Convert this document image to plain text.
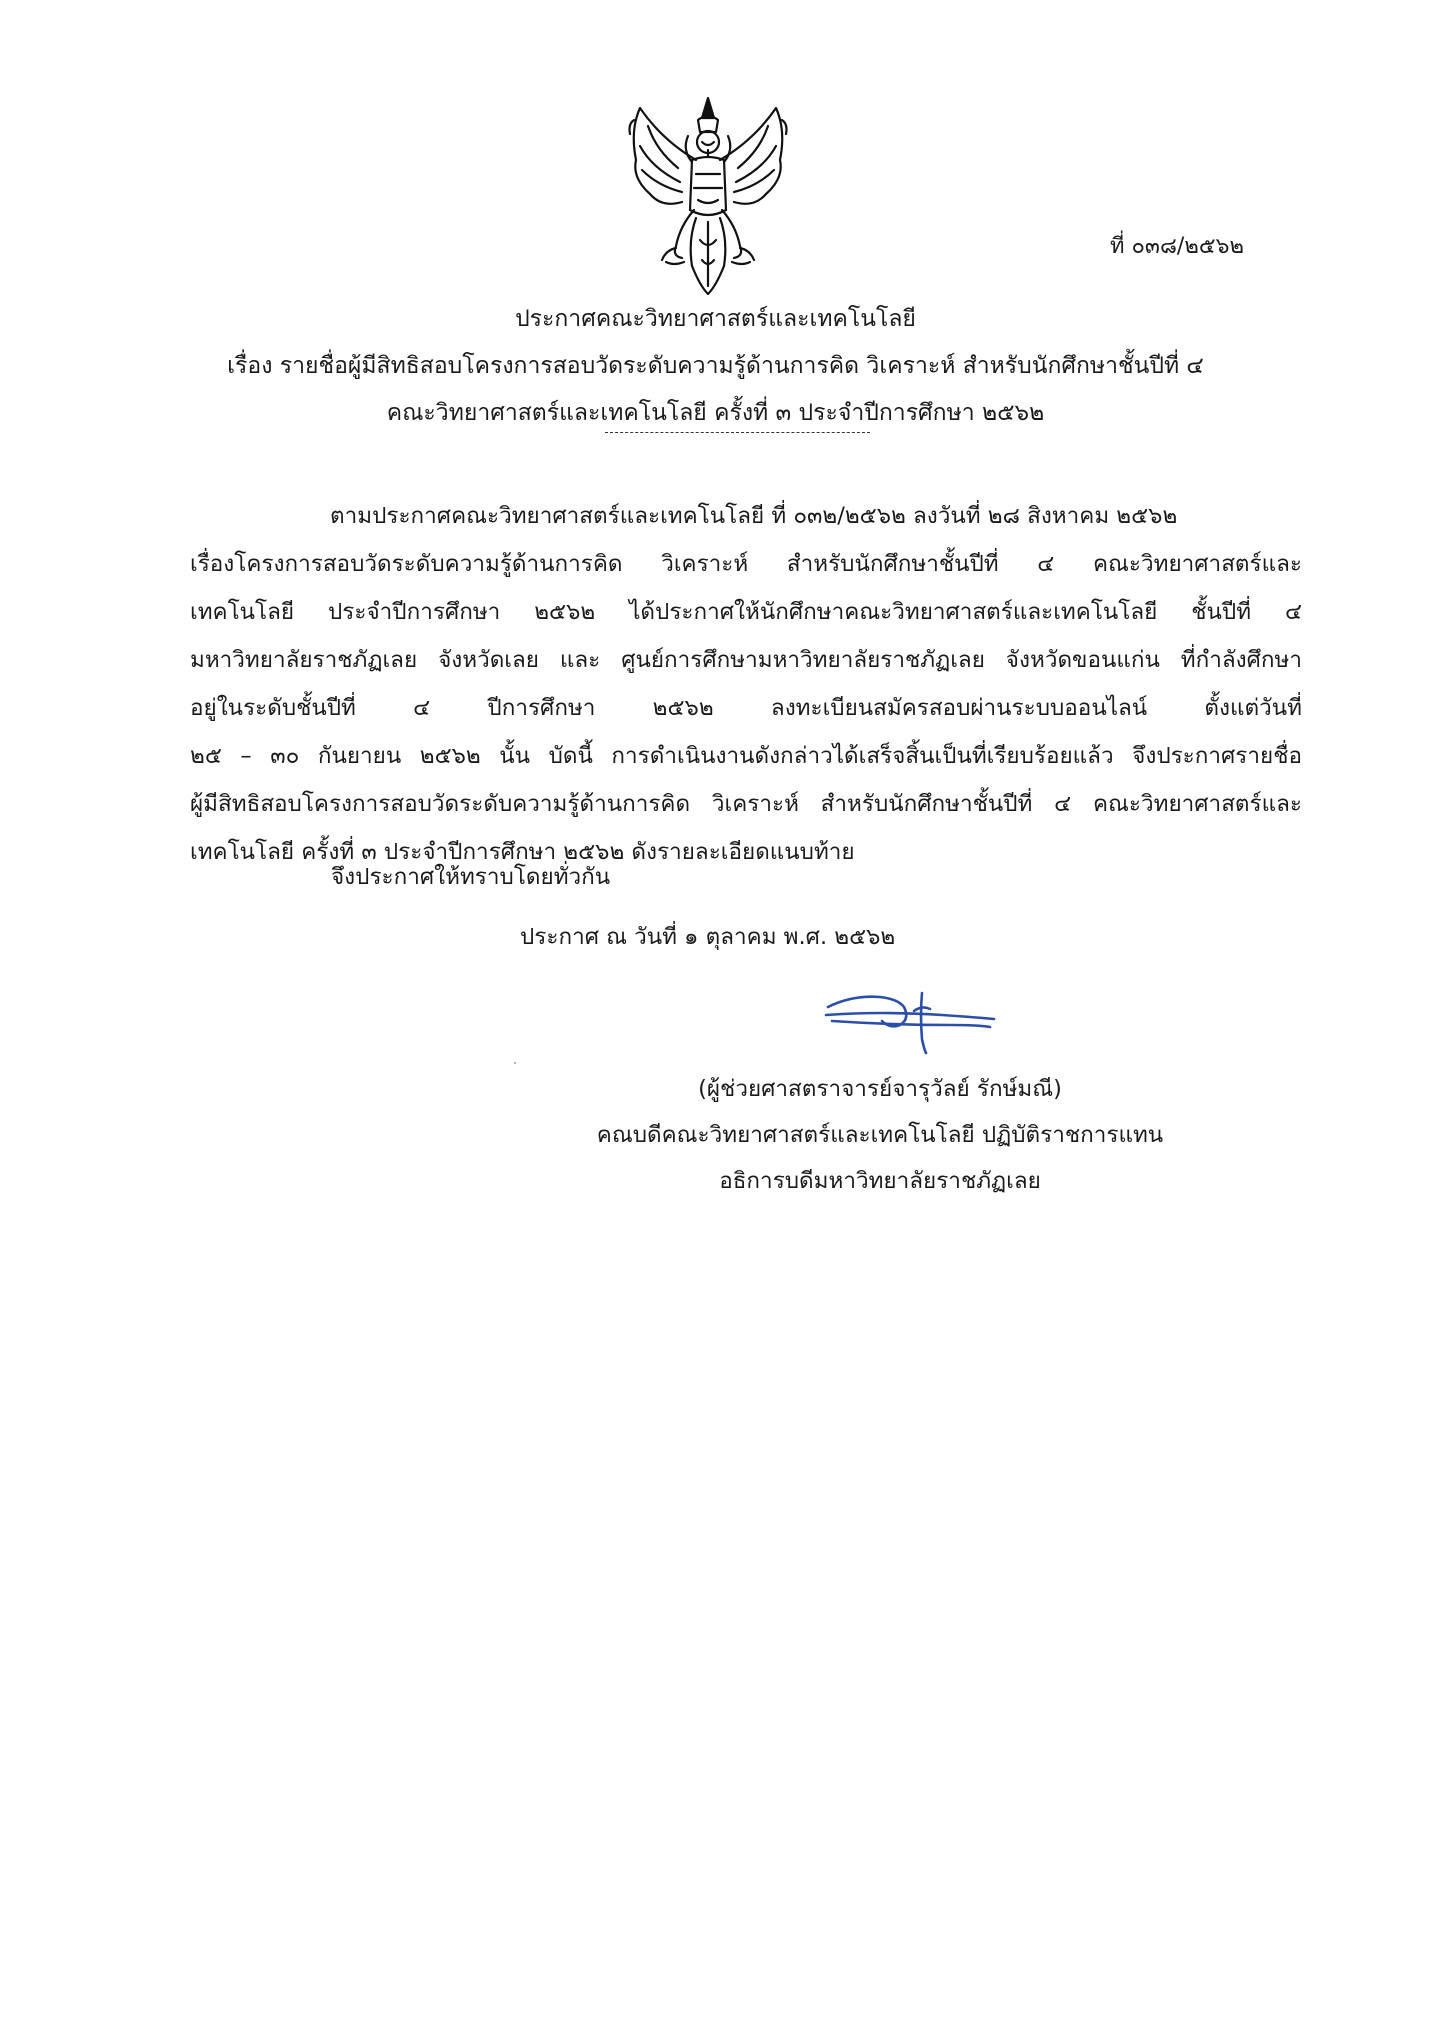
ที่ ๐๓๘/๒๕๖๒
ประกาศคณะวิทยาศาสตร์และเทคโนโลยี
เรื่อง รายชื่อผู้มีสิทธิสอบโครงการสอบวัดระดับความรู้ด้านการคิด วิเคราะห์ สำหรับนักศึกษาชั้นปีที่ ๔
คณะวิทยาศาสตร์และเทคโนโลยี ครั้งที่ ๓ ประจำปีการศึกษา ๒๕๖๒
ตามประกาศคณะวิทยาศาสตร์และเทคโนโลยี ที่ ๐๓๒/๒๕๖๒ ลงวันที่ ๒๘ สิงหาคม ๒๕๖๒
เรื่องโครงการสอบวัดระดับความรู้ด้านการคิด วิเคราะห์ สำหรับนักศึกษาชั้นปีที่ ๔ คณะวิทยาศาสตร์และ
เทคโนโลยี ประจำปีการศึกษา ๒๕๖๒ ได้ประกาศให้นักศึกษาคณะวิทยาศาสตร์และเทคโนโลยี ชั้นปีที่ ๔
มหาวิทยาลัยราชภัฏเลย จังหวัดเลย และ ศูนย์การศึกษามหาวิทยาลัยราชภัฏเลย จังหวัดขอนแก่น ที่กำลังศึกษา
อยู่ในระดับชั้นปีที่ ๔ ปีการศึกษา ๒๕๖๒ ลงทะเบียนสมัครสอบผ่านระบบออนไลน์ ตั้งแต่วันที่
๒๕ – ๓๐ กันยายน ๒๕๖๒ นั้น บัดนี้ การดำเนินงานดังกล่าวได้เสร็จสิ้นเป็นที่เรียบร้อยแล้ว จึงประกาศรายชื่อ
ผู้มีสิทธิสอบโครงการสอบวัดระดับความรู้ด้านการคิด วิเคราะห์ สำหรับนักศึกษาชั้นปีที่ ๔ คณะวิทยาศาสตร์และ
เทคโนโลยี ครั้งที่ ๓ ประจำปีการศึกษา ๒๕๖๒ ดังรายละเอียดแนบท้าย
จึงประกาศให้ทราบโดยทั่วกัน
ประกาศ ณ วันที่ ๑ ตุลาคม พ.ศ. ๒๕๖๒
(ผู้ช่วยศาสตราจารย์จารุวัลย์ รักษ์มณี)
คณบดีคณะวิทยาศาสตร์และเทคโนโลยี ปฏิบัติราชการแทน
อธิการบดีมหาวิทยาลัยราชภัฏเลย
